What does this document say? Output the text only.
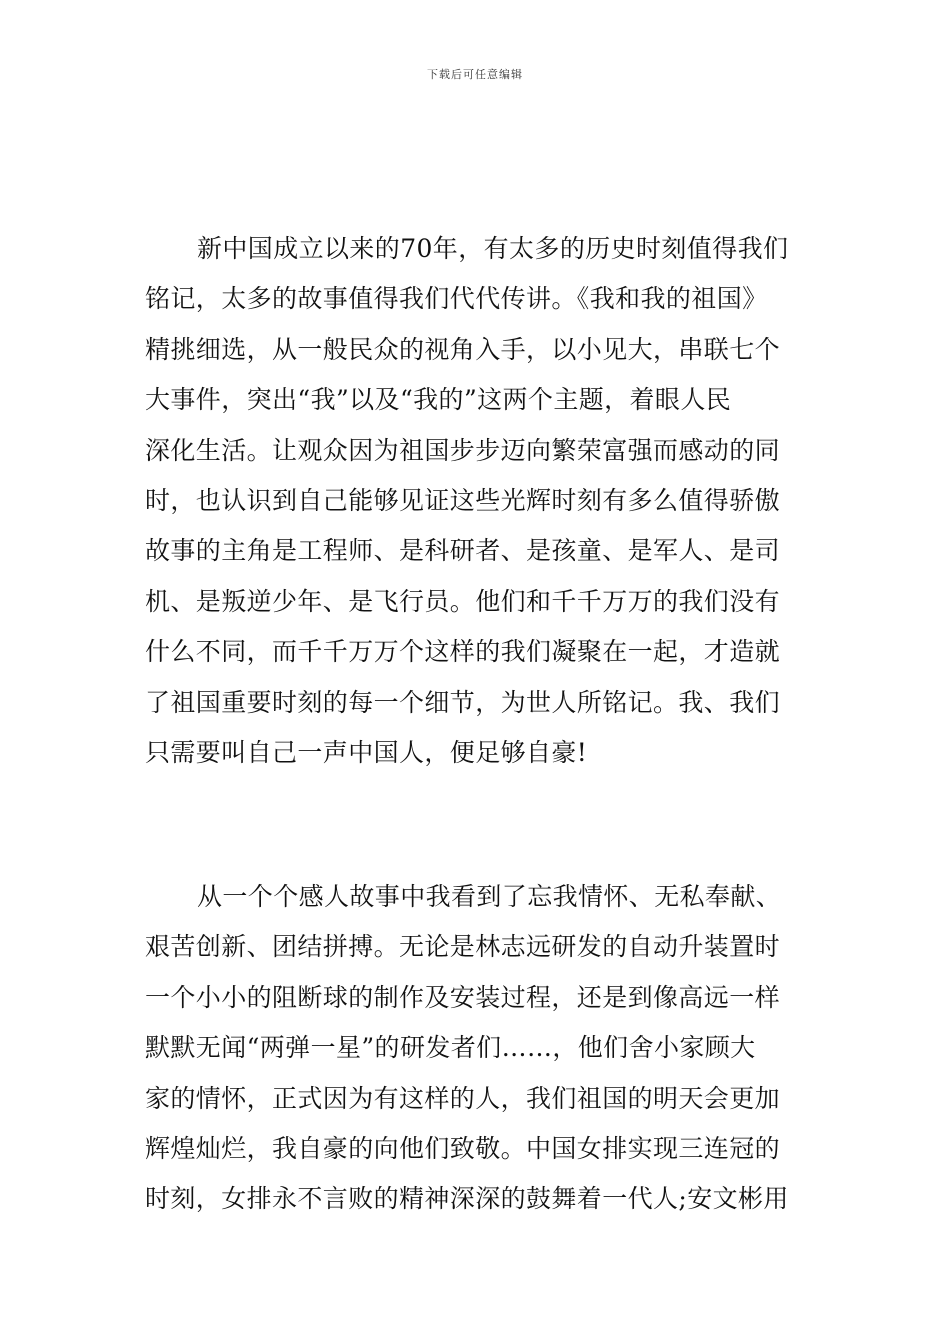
下载后可任意编辑
新中国成立以来的70年，有太多的历史时刻值得我们
铭记，太多的故事值得我们代代传讲。《我和我的祖国》
精挑细选，从一般民众的视角入手，以小见大，串联七个
大事件，突出“我”以及“我的”这两个主题，着眼人民
深化生活。让观众因为祖国步步迈向繁荣富强而感动的同
时，也认识到自己能够见证这些光辉时刻有多么值得骄傲
故事的主角是工程师、是科研者、是孩童、是军人、是司
机、是叛逆少年、是飞行员。他们和千千万万的我们没有
什么不同，而千千万万个这样的我们凝聚在一起，才造就
了祖国重要时刻的每一个细节，为世人所铭记。我、我们
只需要叫自己一声中国人，便足够自豪!
从一个个感人故事中我看到了忘我情怀、无私奉献、
艰苦创新、团结拼搏。无论是林志远研发的自动升装置时
一个小小的阻断球的制作及安装过程，还是到像高远一样
默默无闻“两弹一星”的研发者们……，他们舍小家顾大
家的情怀，正式因为有这样的人，我们祖国的明天会更加
辉煌灿烂，我自豪的向他们致敬。中国女排实现三连冠的
时刻，女排永不言败的精神深深的鼓舞着一代人;安文彬用
